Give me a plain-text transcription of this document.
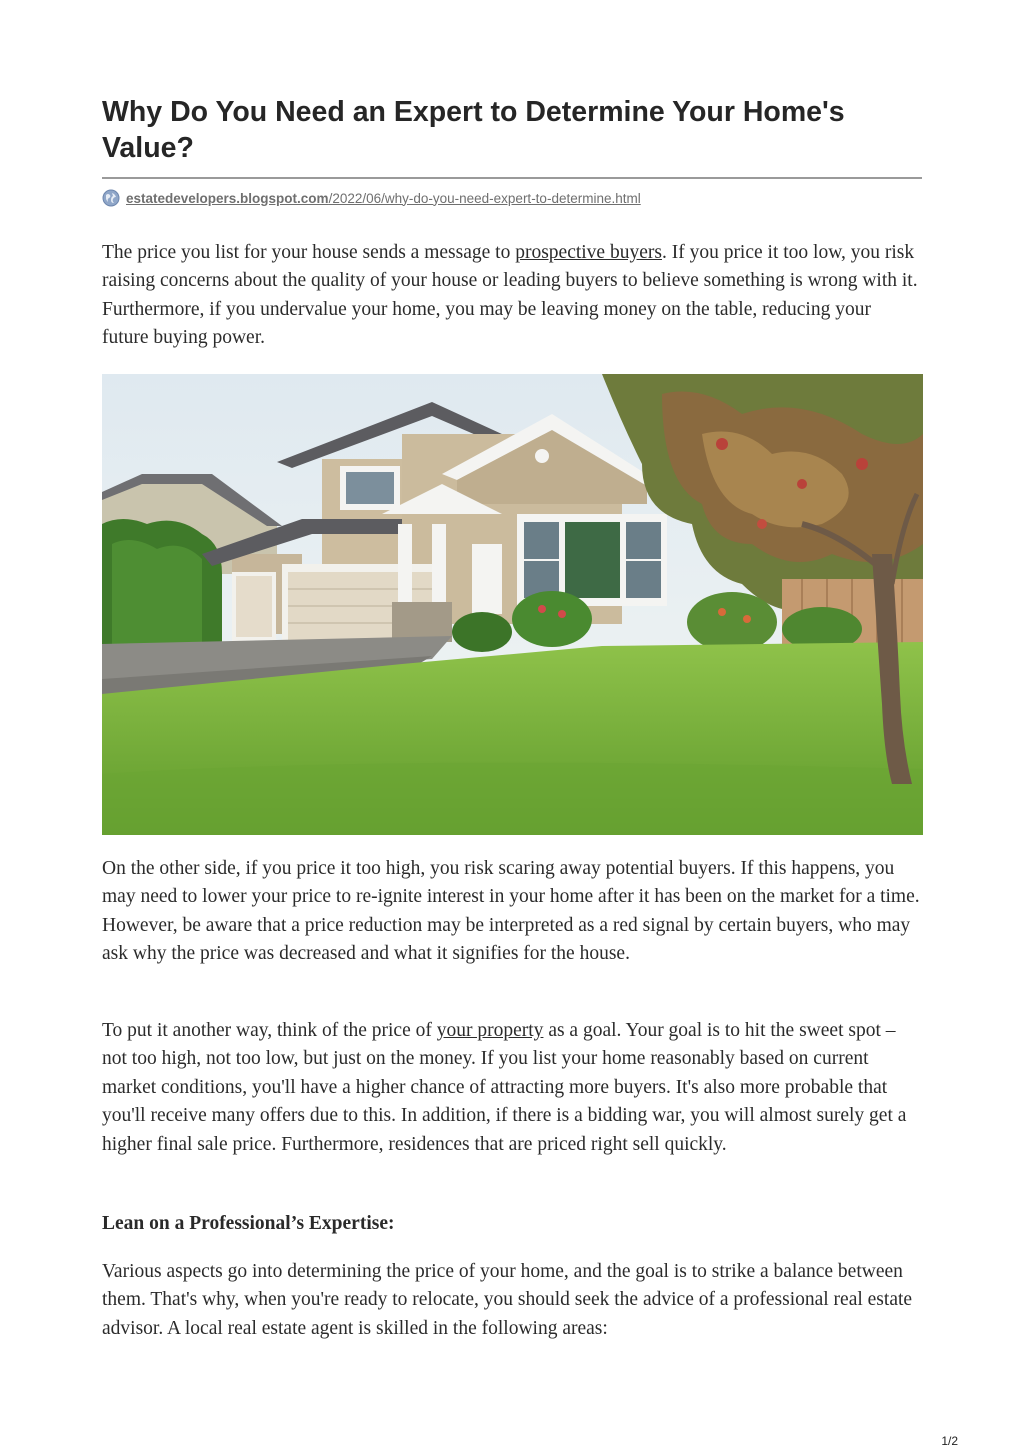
Why Do You Need an Expert to Determine Your Home's Value?
estatedevelopers.blogspot.com/2022/06/why-do-you-need-expert-to-determine.html

The price you list for your house sends a message to prospective buyers. If you price it too low, you risk raising concerns about the quality of your house or leading buyers to believe something is wrong with it. Furthermore, if you undervalue your home, you may be leaving money on the table, reducing your future buying power.

On the other side, if you price it too high, you risk scaring away potential buyers. If this happens, you may need to lower your price to re-ignite interest in your home after it has been on the market for a time. However, be aware that a price reduction may be interpreted as a red signal by certain buyers, who may ask why the price was decreased and what it signifies for the house.

To put it another way, think of the price of your property as a goal. Your goal is to hit the sweet spot – not too high, not too low, but just on the money. If you list your home reasonably based on current market conditions, you'll have a higher chance of attracting more buyers. It's also more probable that you'll receive many offers due to this. In addition, if there is a bidding war, you will almost surely get a higher final sale price. Furthermore, residences that are priced right sell quickly.

Lean on a Professional’s Expertise:

Various aspects go into determining the price of your home, and the goal is to strike a balance between them. That's why, when you're ready to relocate, you should seek the advice of a professional real estate advisor. A local real estate agent is skilled in the following areas:

1/2
